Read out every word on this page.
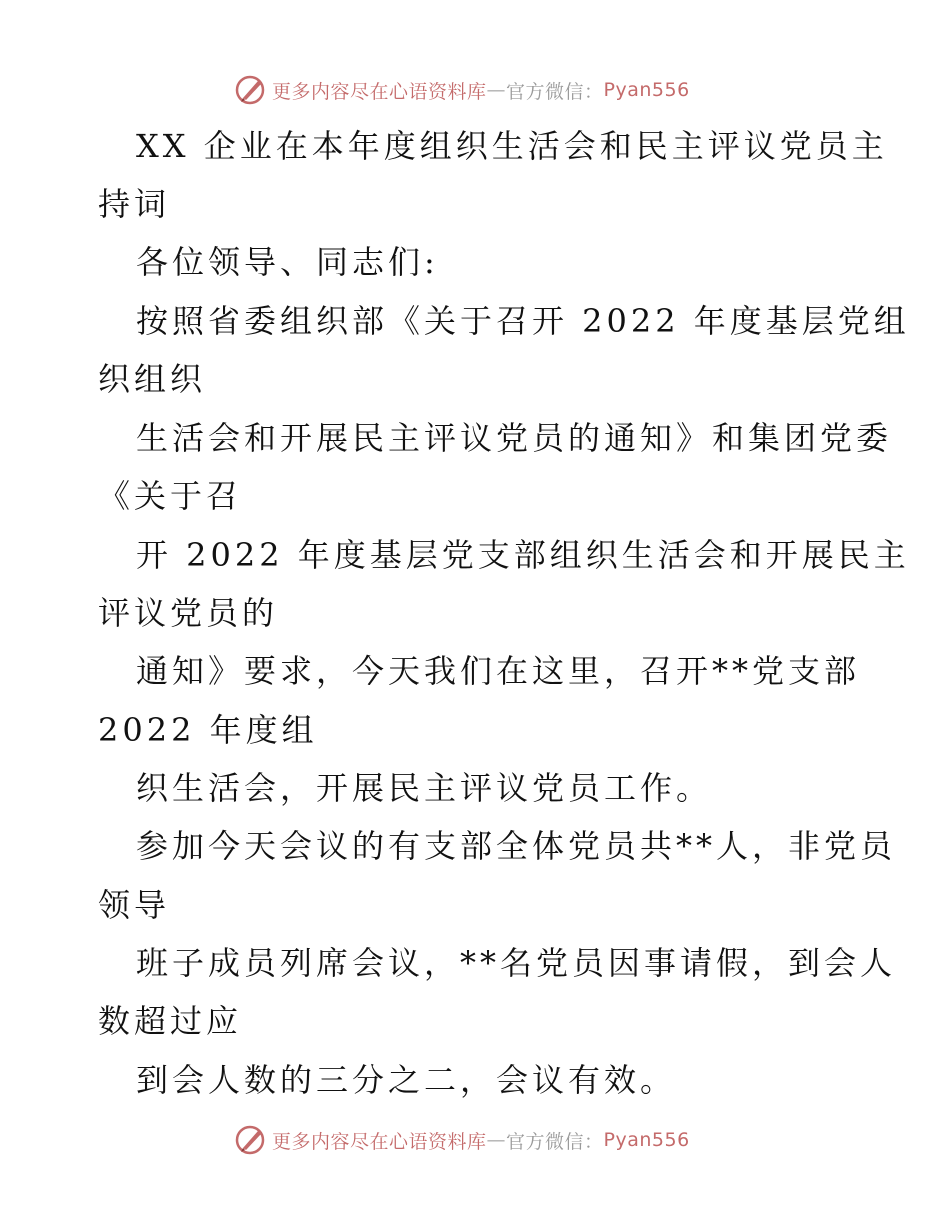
更多内容尽在心语资料库 — 官方微信： Pyan556
XX 企业在本年度组织生活会和民主评议党员主
持词
各位领导、同志们:
按照省委组织部《关于召开 2022 年度基层党组
织组织
生活会和开展民主评议党员的通知》和集团党委
《关于召
开 2022 年度基层党支部组织生活会和开展民主
评议党员的
通知》要求，今天我们在这里，召开**党支部
2022 年度组
织生活会，开展民主评议党员工作。
参加今天会议的有支部全体党员共**人，非党员
领导
班子成员列席会议，**名党员因事请假，到会人
数超过应
到会人数的三分之二，会议有效。
更多内容尽在心语资料库 — 官方微信： Pyan556
